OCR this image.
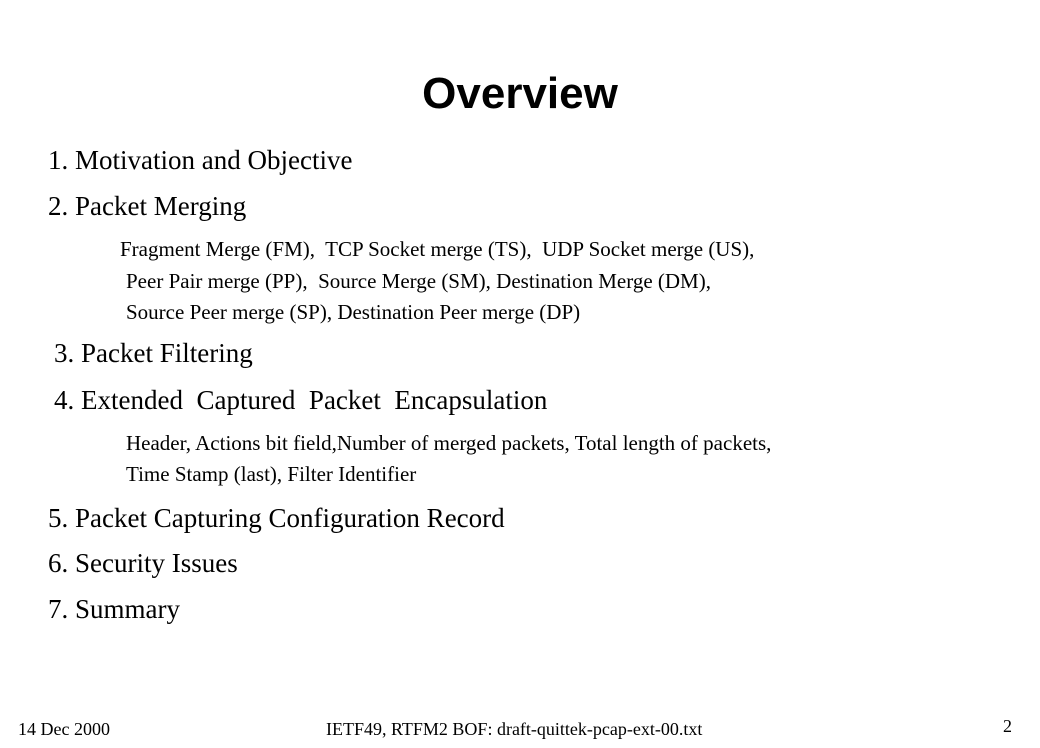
Overview
1. Motivation and Objective
2. Packet Merging
Fragment Merge (FM),  TCP Socket merge (TS),  UDP Socket merge (US),
Peer Pair merge (PP),  Source Merge (SM), Destination Merge (DM),
Source Peer merge (SP), Destination Peer merge (DP)
3. Packet Filtering
4. Extended  Captured  Packet  Encapsulation
Header, Actions bit field,Number of merged packets, Total length of packets,
Time Stamp (last), Filter Identifier
5. Packet Capturing Configuration Record
6. Security Issues
7. Summary
14 Dec 2000	IETF49, RTFM2 BOF: draft-quittek-pcap-ext-00.txt	2
